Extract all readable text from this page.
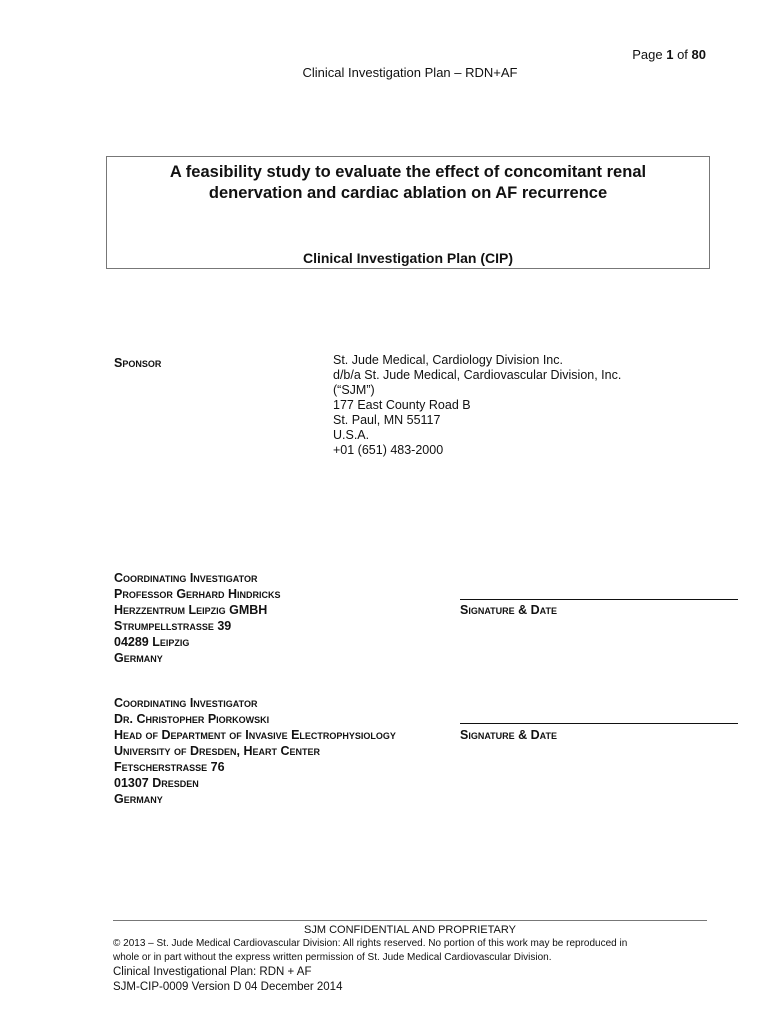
Page 1 of 80
Clinical Investigation Plan – RDN+AF
A feasibility study to evaluate the effect of concomitant renal
denervation and cardiac ablation on AF recurrence
Clinical Investigation Plan (CIP)
Sponsor	St. Jude Medical, Cardiology Division Inc.
d/b/a St. Jude Medical, Cardiovascular Division, Inc.
(“SJM”)
177 East County Road B
St. Paul, MN 55117
U.S.A.
+01 (651) 483-2000
Coordinating Investigator
Professor Gerhard Hindricks
Herzzentrum Leipzig GMBH
Strumpellstrasse 39
04289 Leipzig
Germany
Signature & Date
Coordinating Investigator
Dr. Christopher Piorkowski
Head of Department of Invasive Electrophysiology
University of Dresden, Heart Center
Fetscherstrasse 76
01307 Dresden
Germany
Signature & Date
SJM CONFIDENTIAL AND PROPRIETARY
© 2013 – St. Jude Medical Cardiovascular Division: All rights reserved. No portion of this work may be reproduced in
whole or in part without the express written permission of St. Jude Medical Cardiovascular Division.
Clinical Investigational Plan: RDN + AF
SJM-CIP-0009 Version D 04 December 2014
